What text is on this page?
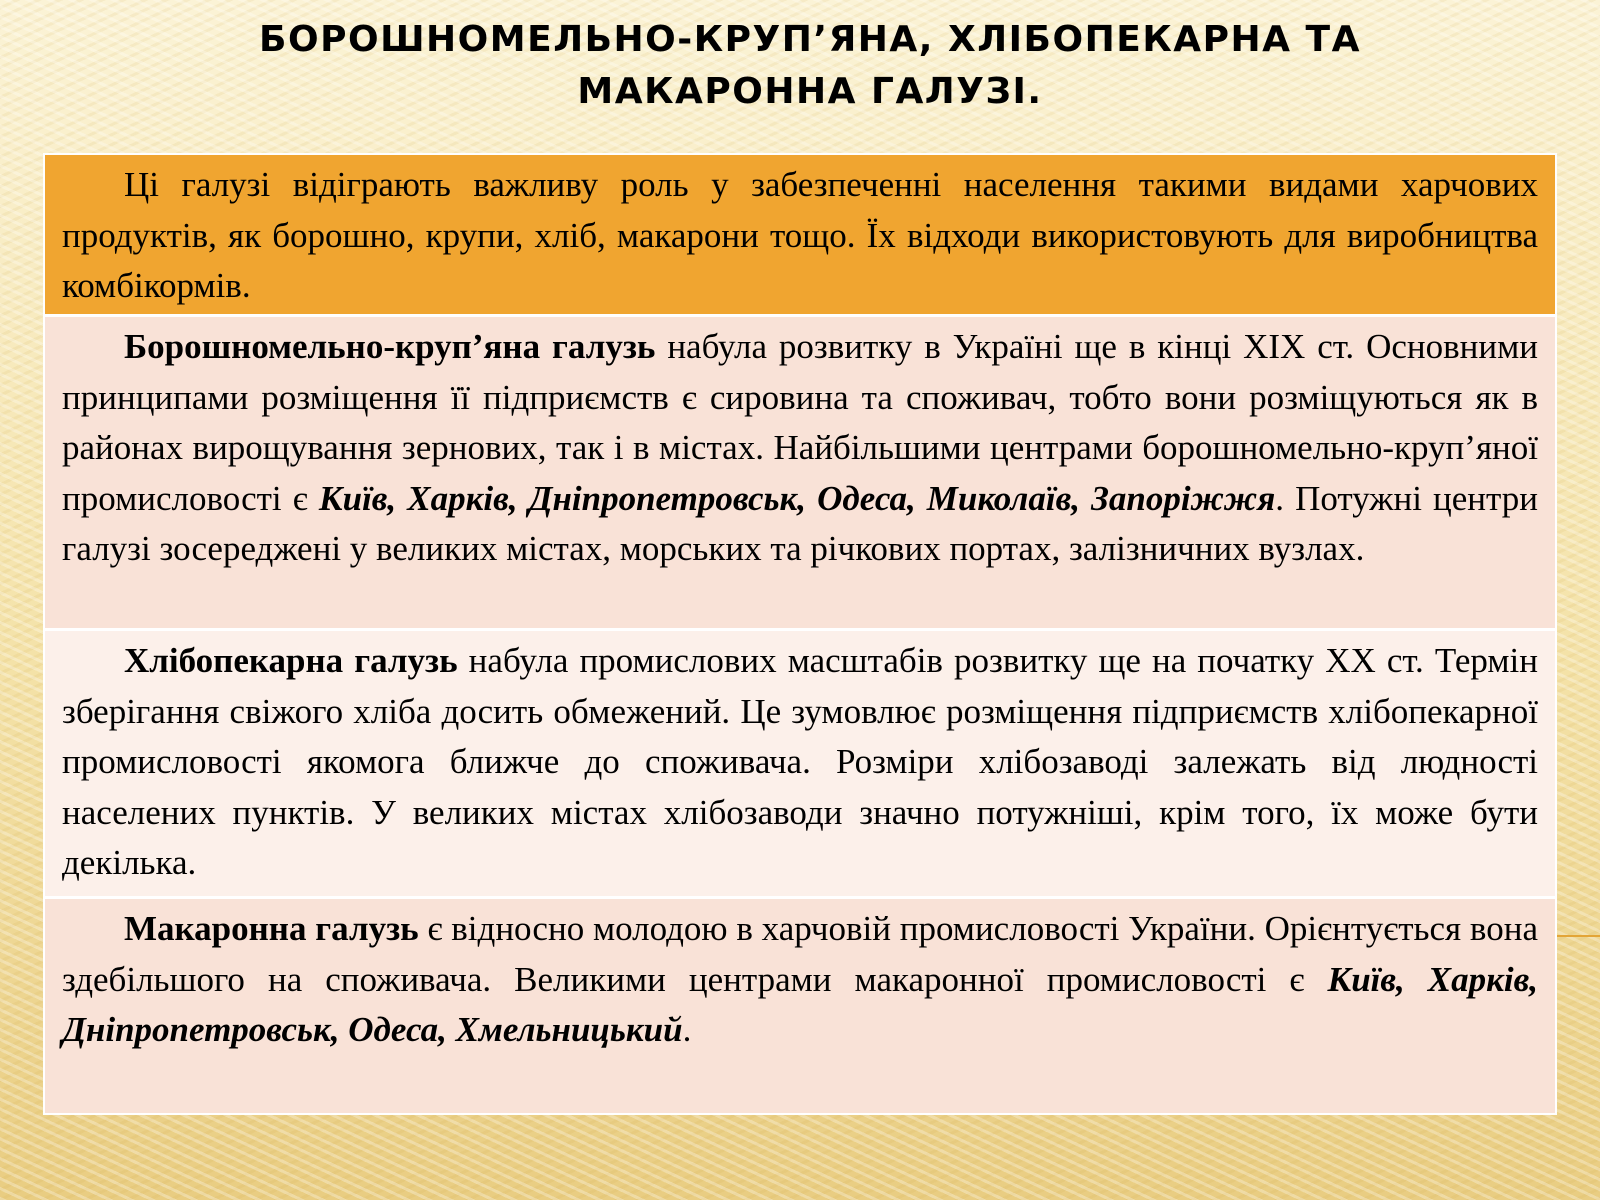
БОРОШНОМЕЛЬНО-КРУП’ЯНА, ХЛІБОПЕКАРНА ТА
МАКАРОННА ГАЛУЗІ.

Ці галузі відіграють важливу роль у забезпеченні населення такими видами харчових продуктів, як борошно, крупи, хліб, макарони тощо. Їх відходи використовують для виробництва комбікормів.

Борошномельно-круп’яна галузь набула розвитку в Україні ще в кінці XIX ст. Основними принципами розміщення її підприємств є сировина та споживач, тобто вони розміщуються як в районах вирощування зернових, так і в містах. Найбільшими центрами борошномельно-круп’яної промисловості є Київ, Харків, Дніпропетровськ, Одеса, Миколаїв, Запоріжжя. Потужні центри галузі зосереджені у великих містах, морських та річкових портах, залізничних вузлах.

Хлібопекарна галузь набула промислових масштабів розвитку ще на початку XX ст. Термін зберігання свіжого хліба досить обмежений. Це зумовлює розміщення підприємств хлібопекарної промисловості якомога ближче до споживача. Розміри хлібозаводі залежать від людності населених пунктів. У великих містах хлібозаводи значно потужніші, крім того, їх може бути декілька.

Макаронна галузь є відносно молодою в харчовій промисловості України. Орієнтується вона здебільшого на споживача. Великими центрами макаронної промисловості є Київ, Харків, Дніпропетровськ, Одеса, Хмельницький.
